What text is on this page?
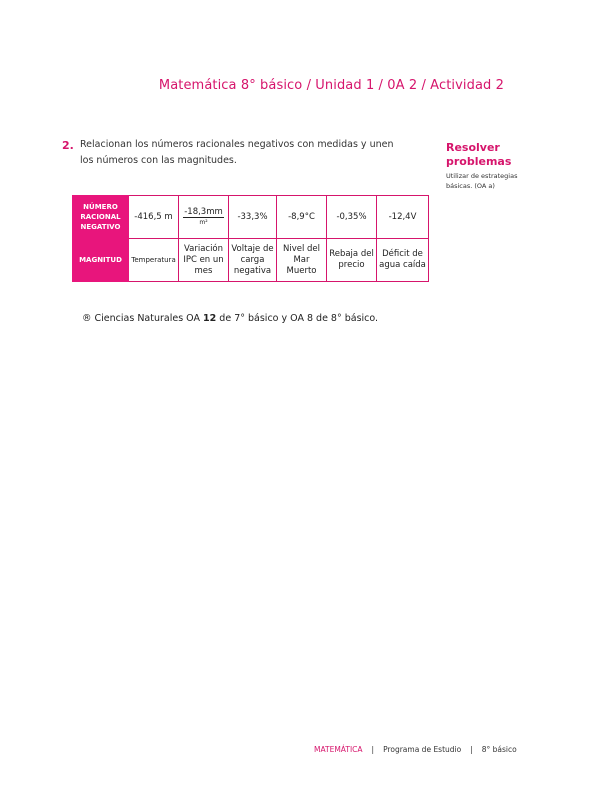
Matemática 8° básico / Unidad 1 / 0A 2 / Actividad 2
2. Relacionan los números racionales negativos con medidas y unen los números con las magnitudes.
Resolver problemas
Utilizar de estrategias básicas. (OA a)
NÚMERO RACIONAL NEGATIVO	-416,5 m	$\frac{-18,3mm}{\text{m²}}$	-33,3%	-8,9°C	-0,35%	-12,4V
MAGNITUD	Temperatura	Variación IPC en un mes	Voltaje de carga negativa	Nivel del Mar Muerto	Rebaja del precio	Déficit de agua caída
® Ciencias Naturales OA 12 de 7° básico y OA 8 de 8° básico.
MATEMÁTICA | Programa de Estudio | 8° básico
